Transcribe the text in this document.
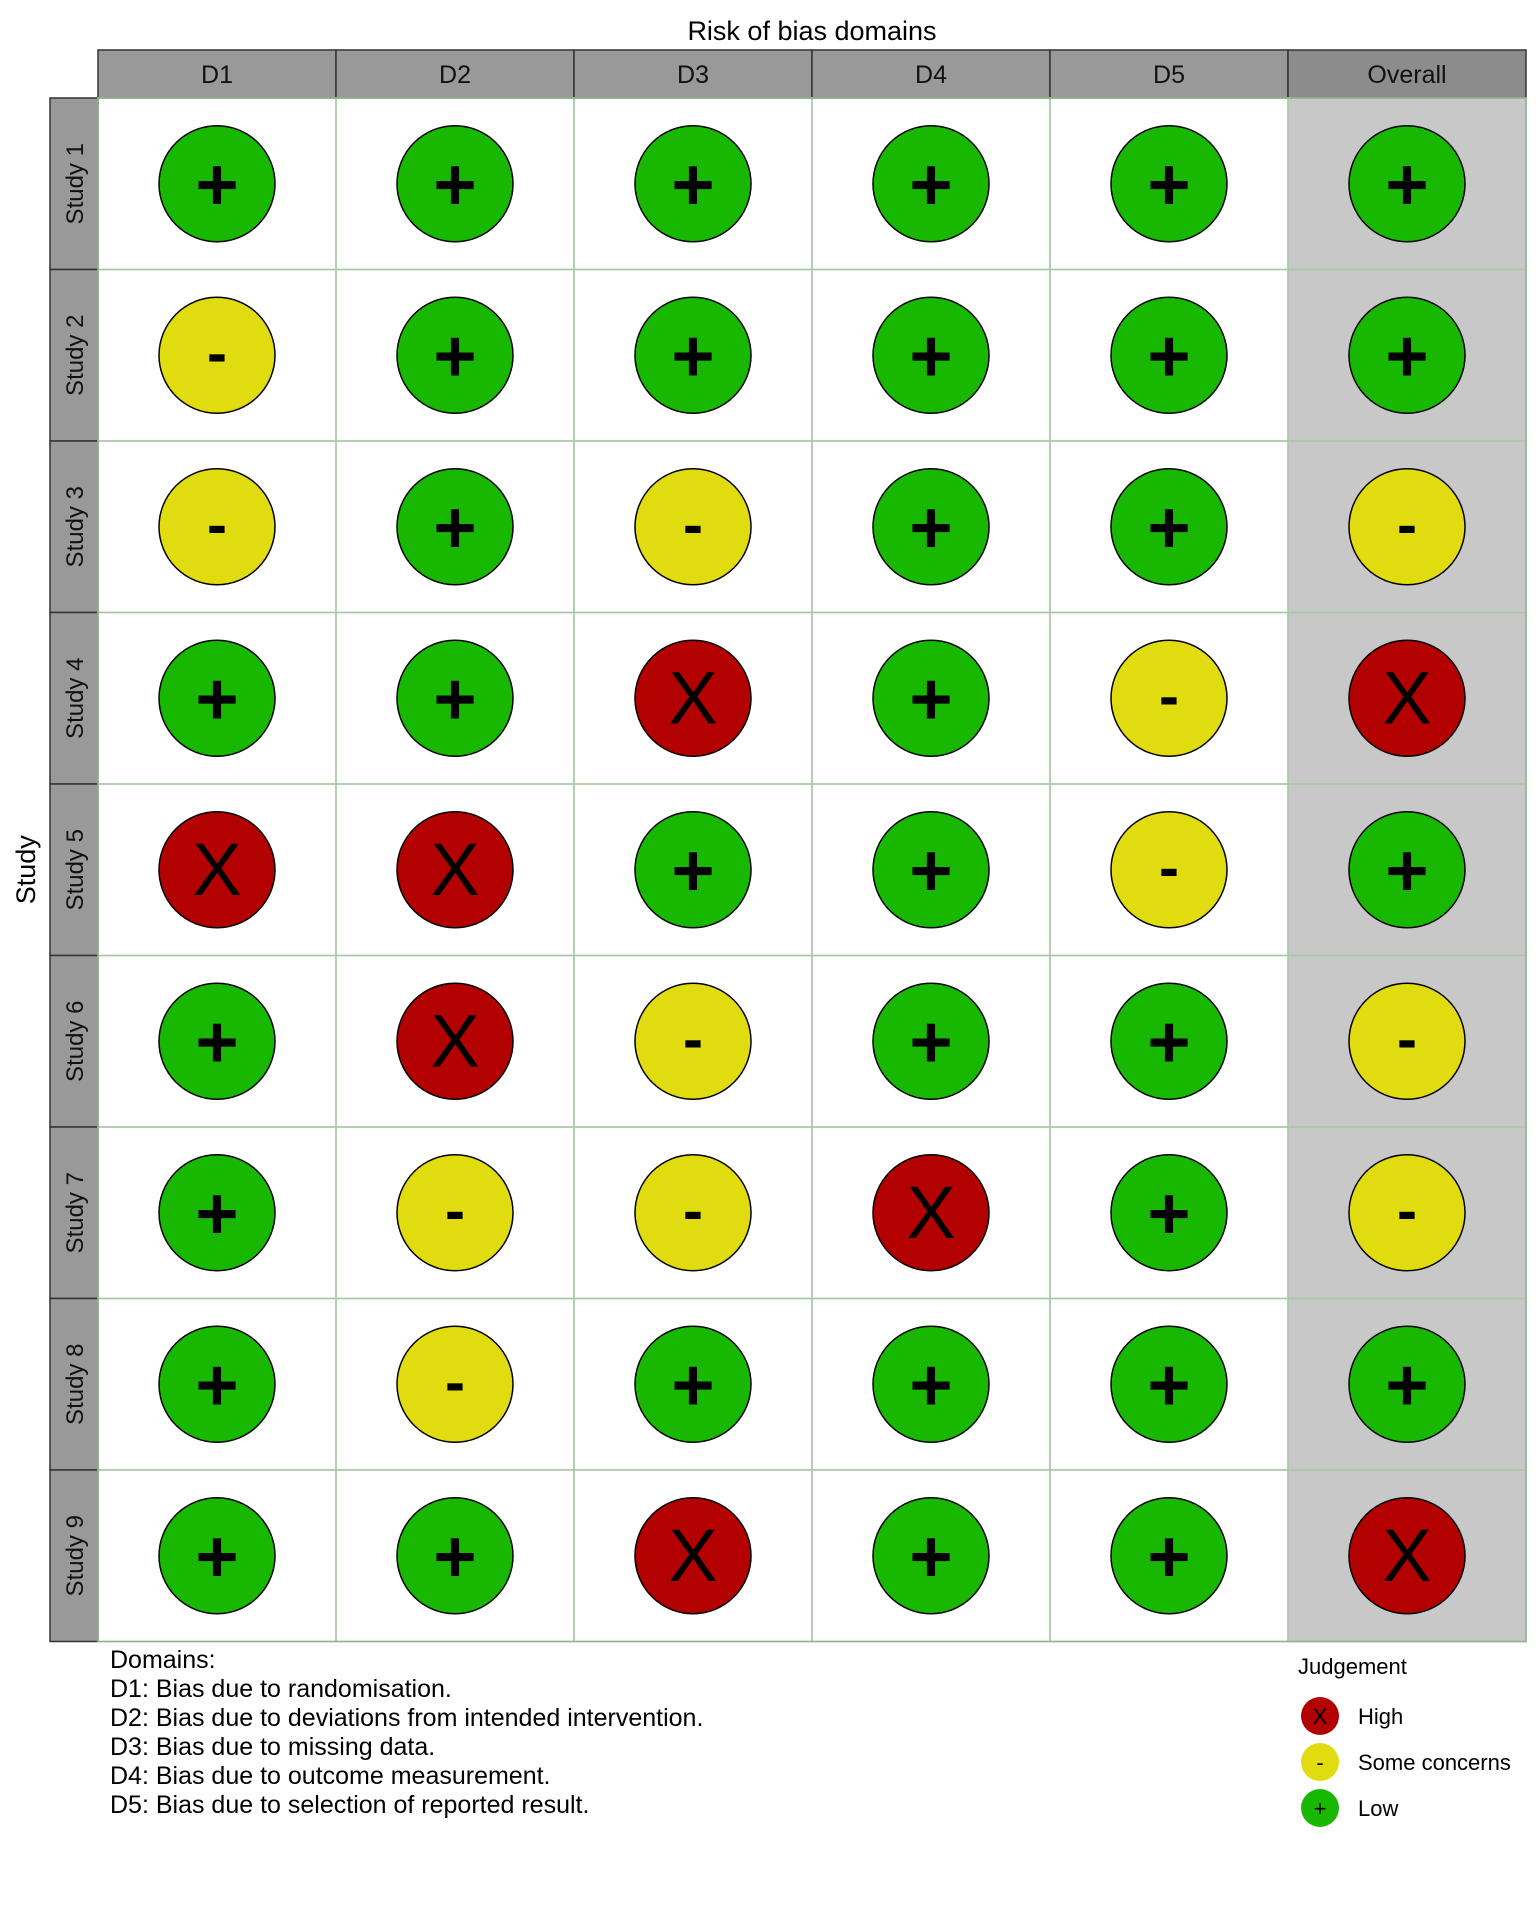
Risk of bias domains
Study
D1	D2	D3	D4	D5	Overall
Study 1 +	+	+	+	+	+
Study 2 -	+	+	+	+	+
Study 3 -	+	-	+	+	-
Study 4 +	+	X	+	-	X
Study 5 X	X	+	+	-	+
Study 6 +	X	-	+	+	-
Study 7 +	-	-	X	+	-
Study 8 +	-	+	+	+	+
Study 9 +	+	X	+	+	X
Judgement
X High
- Some concerns
+ Low
Domains:
D1: Bias due to randomisation.
D2: Bias due to deviations from intended intervention.
D3: Bias due to missing data.
D4: Bias due to outcome measurement.
D5: Bias due to selection of reported result.
